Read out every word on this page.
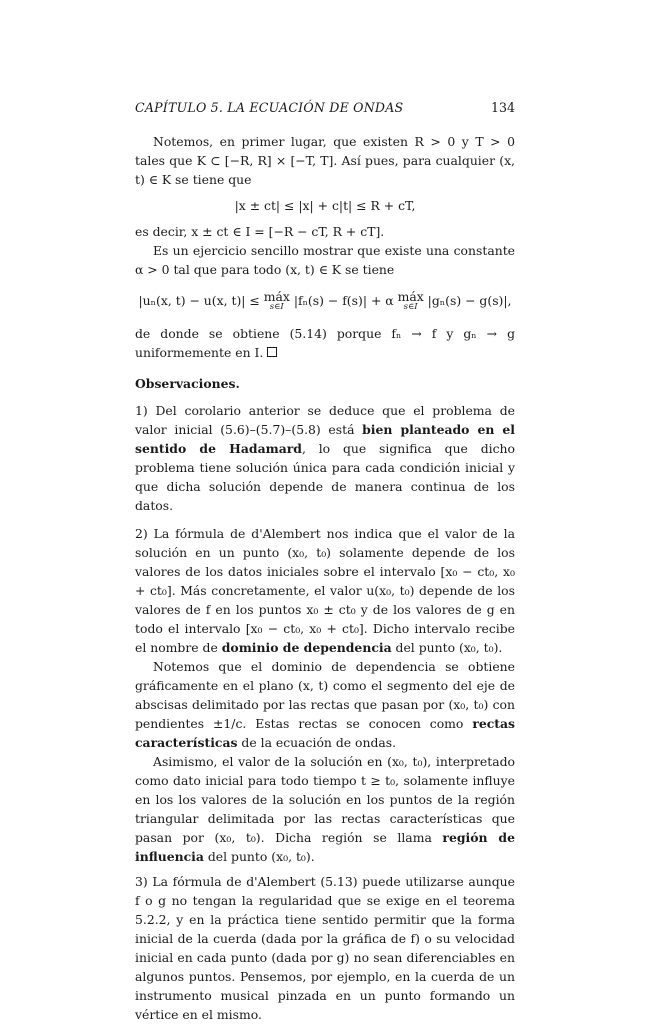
CAPÍTULO 5. LA ECUACIÓN DE ONDAS	134

Notemos, en primer lugar, que existen R > 0 y T > 0 tales que K ⊂ [−R, R] × [−T, T]. Así pues, para cualquier (x, t) ∈ K se tiene que

|x ± ct| ≤ |x| + c|t| ≤ R + cT,

es decir, x ± ct ∈ I = [−R − cT, R + cT].

Es un ejercicio sencillo mostrar que existe una constante α > 0 tal que para todo (x, t) ∈ K se tiene

|uₙ(x, t) − u(x, t)| ≤ máx
s∈I |fₙ(s) − f(s)| + α máx
s∈I |gₙ(s) − g(s)|,

de donde se obtiene (5.14) porque fₙ → f y gₙ → g uniformemente en I.

Observaciones.

1) Del corolario anterior se deduce que el problema de valor inicial (5.6)–(5.7)–(5.8) está bien planteado en el sentido de Hadamard, lo que significa que dicho problema tiene solución única para cada condición inicial y que dicha solución depende de manera continua de los datos.

2) La fórmula de d'Alembert nos indica que el valor de la solución en un punto (x₀, t₀) solamente depende de los valores de los datos iniciales sobre el intervalo [x₀ − ct₀, x₀ + ct₀]. Más concretamente, el valor u(x₀, t₀) depende de los valores de f en los puntos x₀ ± ct₀ y de los valores de g en todo el intervalo [x₀ − ct₀, x₀ + ct₀]. Dicho intervalo recibe el nombre de dominio de dependencia del punto (x₀, t₀).

Notemos que el dominio de dependencia se obtiene gráficamente en el plano (x, t) como el segmento del eje de abscisas delimitado por las rectas que pasan por (x₀, t₀) con pendientes ±1/c. Estas rectas se conocen como rectas características de la ecuación de ondas.

Asimismo, el valor de la solución en (x₀, t₀), interpretado como dato inicial para todo tiempo t ≥ t₀, solamente influye en los los valores de la solución en los puntos de la región triangular delimitada por las rectas características que pasan por (x₀, t₀). Dicha región se llama región de influencia del punto (x₀, t₀).

3) La fórmula de d'Alembert (5.13) puede utilizarse aunque f o g no tengan la regularidad que se exige en el teorema 5.2.2, y en la práctica tiene sentido permitir que la forma inicial de la cuerda (dada por la gráfica de f) o su velocidad inicial en cada punto (dada por g) no sean diferenciables en algunos puntos. Pensemos, por ejemplo, en la cuerda de un instrumento musical pinzada en un punto formando un vértice en el mismo.
